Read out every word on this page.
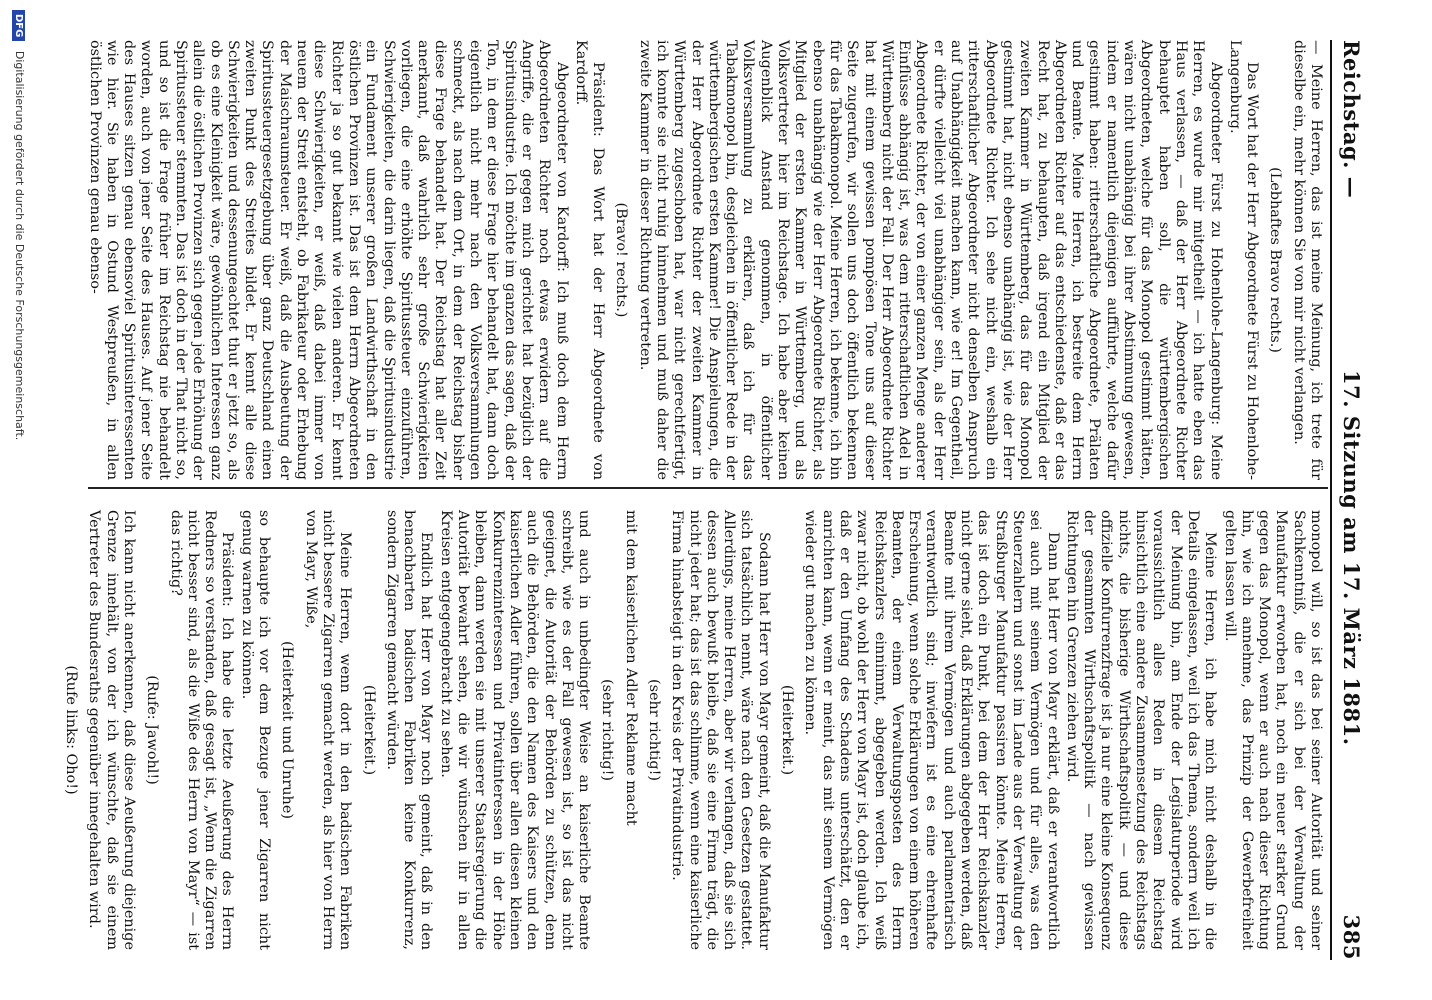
Reichstag. —
17. Sitzung am 17. März 1881.
385

— Meine Herren, das ist meine Meinung, ich trete für dieselbe ein, mehr können Sie von mir nicht verlangen.

(Lebhaftes Bravo rechts.)

Das Wort hat der Herr Abgeordnete Fürst zu Hohenlohe-Langenburg.

Abgeordneter Fürst zu Hohenlohe-Langenburg: Meine Herren, es wurde mir mitgetheilt — ich hatte eben das Haus verlassen, — daß der Herr Abgeordnete Richter behauptet haben soll, die württembergischen Abgeordneten, welche für das Monopol gestimmt hätten, wären nicht unabhängig bei ihrer Abstimmung gewesen, indem er namentlich diejenigen aufführte, welche dafür gestimmt haben: ritterschaftliche Abgeordnete, Prälaten und Beamte. Meine Herren, ich bestreite dem Herrn Abgeordneten Richter auf das entschiedenste, daß er das Recht hat, zu behaupten, daß irgend ein Mitglied der zweiten Kammer in Württemberg, das für das Monopol gestimmt hat, nicht ebenso unabhängig ist, wie der Herr Abgeordnete Richter. Ich sehe nicht ein, weshalb ein ritterschaftlicher Abgeordneter nicht denselben Anspruch auf Unabhängigkeit machen kann, wie er! Im Gegentheil, er dürfte vielleicht viel unabhängiger sein, als der Herr Abgeordnete Richter, der von einer ganzen Menge anderer Einflüsse abhängig ist, was dem ritterschaftlichen Adel in Württemberg nicht der Fall. Der Herr Abgeordnete Richter hat mit einem gewissen pompösen Tone uns auf dieser Seite zugerufen, wir sollen uns doch öffentlich bekennen für das Tabakmonopol. Meine Herren, ich bekenne, ich bin ebenso unabhängig wie der Herr Abgeordnete Richter, als Mitglied der ersten Kammer in Württemberg, und als Volksvertreter hier im Reichstage. Ich habe aber keinen Augenblick Anstand genommen, in öffentlicher Volksversammlung zu erklären, daß ich für das Tabakmonopol bin, desgleichen in öffentlicher Rede in der württembergischen ersten Kammer! Die Anspielungen, die der Herr Abgeordnete Richter der zweiten Kammer in Württemberg zugeschoben hat, war nicht gerechtfertigt, ich konnte sie nicht ruhig hinnehmen und muß daher die zweite Kammer in dieser Richtung vertreten.

(Bravo! rechts.)

Präsident: Das Wort hat der Herr Abgeordnete von Kardorff.

Abgeordneter von Kardorff: Ich muß doch dem Herrn Abgeordneten Richter noch etwas erwidern auf die Angriffe, die er gegen mich gerichtet hat bezüglich der Spiritusindustrie. Ich möchte im ganzen das sagen, daß der Ton, in dem er diese Frage hier behandelt hat, dann doch eigentlich nicht mehr nach den Volksversammlungen schmeckt, als nach dem Ort, in dem der Reichstag bisher diese Frage behandelt hat. Der Reichstag hat aller Zeit anerkannt, daß wahrlich sehr große Schwierigkeiten vorliegen, die eine erhöhte Spiritussteuer einzuführen, Schwierigkeiten, die darin liegen, daß die Spiritusindustrie ein Fundament unserer großen Landwirthschaft in den östlichen Provinzen ist. Das ist dem Herrn Abgeordneten Richter ja so gut bekannt wie vielen anderen. Er kennt diese Schwierigkeiten, er weiß, daß dabei immer von neuem der Streit entsteht, ob Fabrikateur oder Erhebung der Maischraumsteuer. Er weiß, daß die Ausbeutung der Spiritussteuergesetzgebung über ganz Deutschland einen zweiten Punkt des Streites bildet. Er kennt alle diese Schwierigkeiten und dessenungeachtet thut er jetzt so, als ob es eine Kleinigkeit wäre, gewöhnlichen Interessen ganz allein die östlichen Provinzen sich gegen jede Erhöhung der Spiritussteuer stemmten. Das ist doch in der That nicht so, und so ist die Frage früher im Reichstag nie behandelt worden, auch von jener Seite des Hauses. Auf jener Seite des Hauses sitzen genau ebensoviel Spiritusinteressenten wie hier. Sie haben in Ostund Westpreußen, in allen östlichen Provinzen genau ebenso-

monopol will, so ist das bei seiner Autorität und seiner Sachkenntniß, die er sich bei der Verwaltung der Manufaktur erworben hat, noch ein neuer starker Grund gegen das Monopol, wenn er auch nach dieser Richtung hin, wie ich annehme, das Prinzip der Gewerbefreiheit gelten lassen will.

Meine Herren, ich habe mich nicht deshalb in die Details eingelassen, weil ich das Thema, sondern weil ich der Meinung bin, am Ende der Legislaturperiode wird voraussichtlich alles Reden in diesem Reichstag hinsichtlich eine andere Zusammensetzung des Reichstags nichts, die bisherige Wirthschaftspolitik — und diese offizielle Konfurrenzfrage ist ja nur eine kleine Konsequenz der gesammten Wirthschaftspolitik — nach gewissen Richtungen hin Grenzen ziehen wird.

Dann hat Herr von Mayr erklärt, daß er verantwortlich sei auch mit seinem Vermögen und für alles, was den Steuerzahlern und sonst im Lande aus der Verwaltung der Straßburger Manufaktur passiren könnte. Meine Herren, das ist doch ein Punkt, bei dem der Herr Reichskanzler nicht gerne sieht, daß Erklärungen abgegeben werden, daß Beamte mit ihrem Vermögen und auch parlamentarisch verantwortlich sind; inwiefern ist es eine ehrenhafte Erscheinung, wenn solche Erklärungen von einem höheren Beamten, der einem Verwaltungsposten des Herrn Reichskanzlers einnimmt, abgegeben werden. Ich weiß zwar nicht, ob wohl der Herr von Mayr ist, doch glaube ich, daß er den Umfang des Schadens unterschätzt, den er anrichten kann, wenn er meint, das mit seinem Vermögen wieder gut machen zu können.

(Heiterkeit.)

Sodann hat Herr von Mayr gemeint, daß die Manufaktur sich tatsächlich nennt, wäre nach den Gesetzen gestattet. Allerdings, meine Herren, aber wir verlangen, daß sie sich dessen auch bewußt bleibe, daß sie eine Firma trägt, die nicht jeder hat; das ist das schlimme, wenn eine kaiserliche Firma hinabsteigt in den Kreis der Privatindustrie.

(sehr richtig!)

mit dem kaiserlichen Adler Reklame macht

(sehr richtig!)

und auch in unbedingter Weise an kaiserliche Beamte schreibt, wie es der Fall gewesen ist, so ist das nicht geeignet, die Autorität der Behörden zu schützen, denn auch die Behörden, die den Namen des Kaisers und den kaiserlichen Adler führen, sollen über allen diesen kleinen Konkurrenzinteressen und Privatinteressen in der Höhe bleiben, dann werden sie mit unserer Staatsregierung die Autorität bewahrt sehen, die wir wünschen ihr in allen Kreisen entgegengebracht zu sehen.

Endlich hat Herr von Mayr noch gemeint, daß in den benachbarten badischen Fabriken keine Konkurrenz, sondern Zigarren gemacht würden.

(Heiterkeit.)

Meine Herren, wenn dort in den badischen Fabriken nicht bessere Zigarren gemacht werden, als hier von Herrn von Mayr, Wiße,

(Heiterkeit und Unruhe)

so behaupte ich vor dem Bezuge jener Zigarren nicht genug warnen zu können.

Präsident: Ich habe die letzte Aeußerung des Herrn Redners so verstanden, daß gesagt ist, „Wenn die Zigarren nicht besser sind, als die Wiße des Herrn von Mayr“ — ist das richtig?

(Rufe: Jawohl!)

Ich kann nicht anerkennen, daß diese Aeußerung diejenige Grenze innehält, von der ich wünschte, daß sie einem Vertreter des Bundesraths gegenüber innegehalten wird.

(Rufe links: Oho!)

DFG Digitalisierung gefördert durch die Deutsche Forschungsgemeinschaft.
